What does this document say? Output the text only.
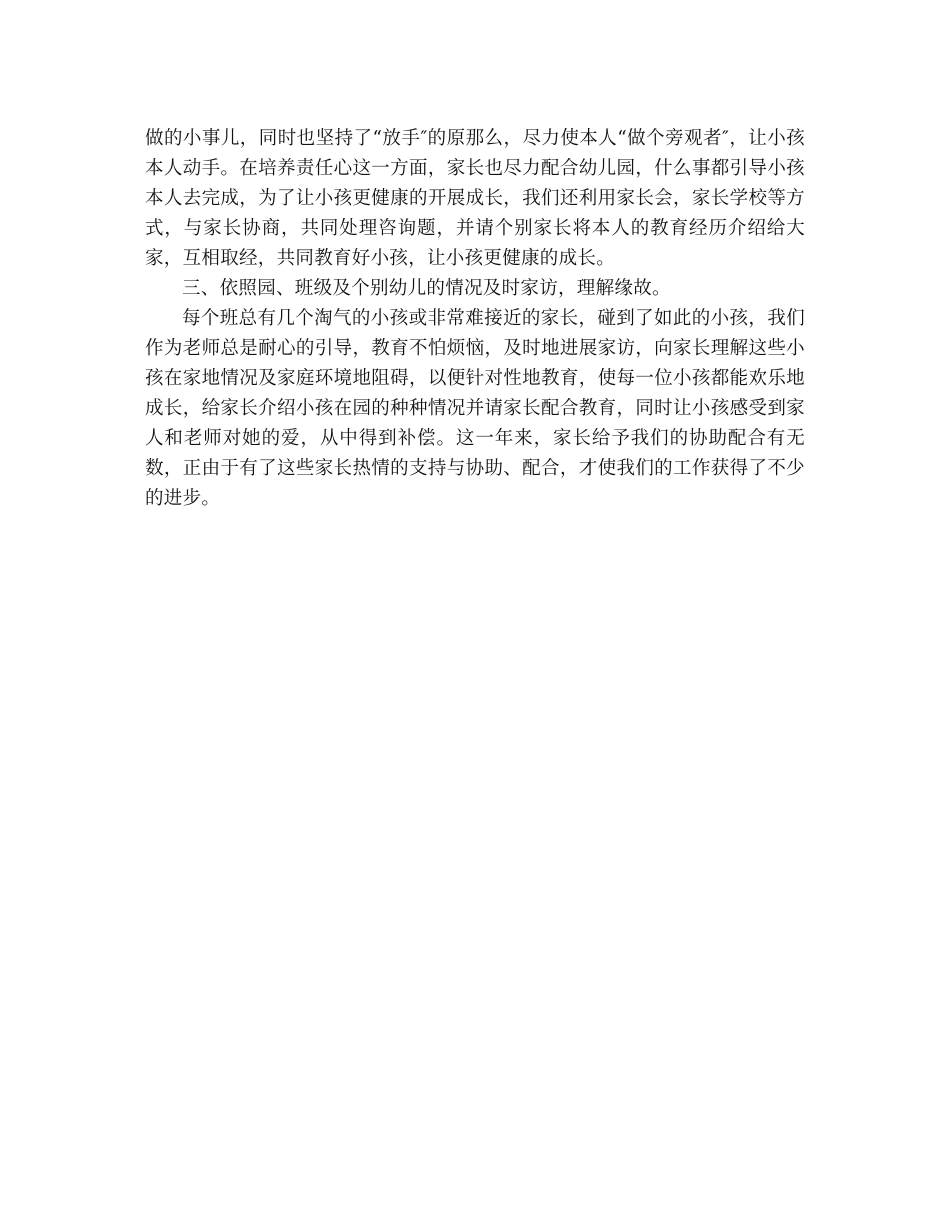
做的小事儿，同时也坚持了“放手″的原那么，尽力使本人“做个旁观者″，让小孩本人动手。在培养责任心这一方面，家长也尽力配合幼儿园，什么事都引导小孩本人去完成，为了让小孩更健康的开展成长，我们还利用家长会，家长学校等方式，与家长协商，共同处理咨询题，并请个别家长将本人的教育经历介绍给大家，互相取经，共同教育好小孩，让小孩更健康的成长。

三、依照园、班级及个别幼儿的情况及时家访，理解缘故。

每个班总有几个淘气的小孩或非常难接近的家长，碰到了如此的小孩，我们作为老师总是耐心的引导，教育不怕烦恼，及时地进展家访，向家长理解这些小孩在家地情况及家庭环境地阻碍，以便针对性地教育，使每一位小孩都能欢乐地成长，给家长介绍小孩在园的种种情况并请家长配合教育，同时让小孩感受到家人和老师对她的爱，从中得到补偿。这一年来，家长给予我们的协助配合有无数，正由于有了这些家长热情的支持与协助、配合，才使我们的工作获得了不少的进步。
